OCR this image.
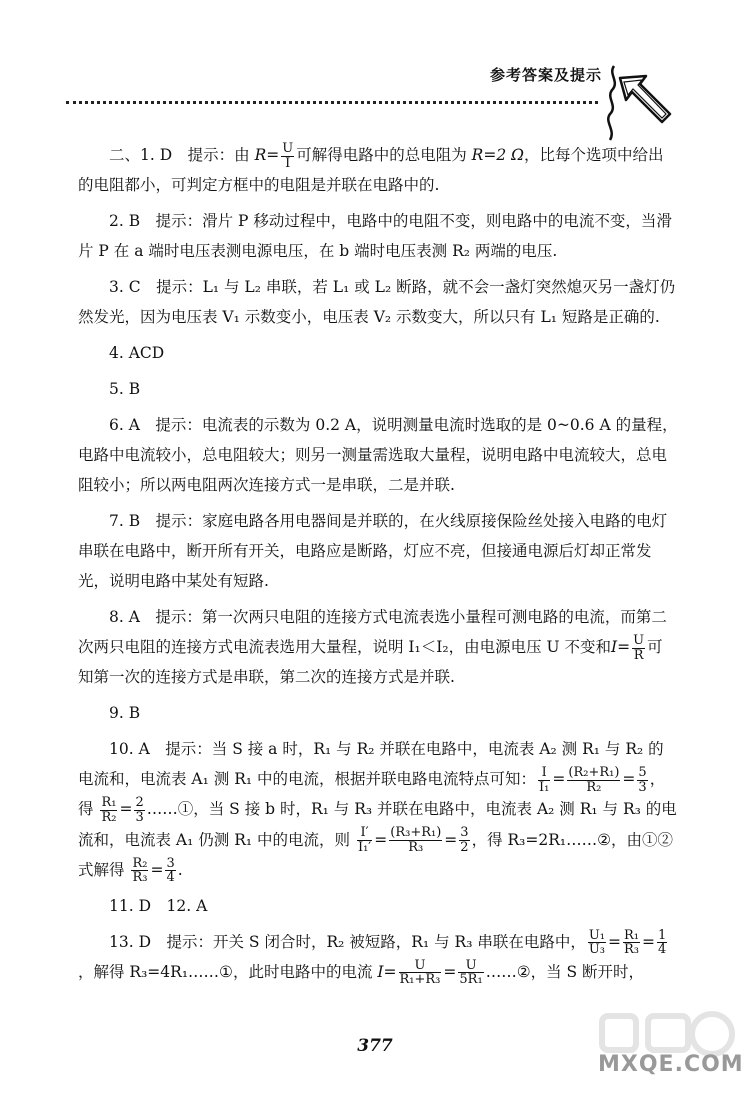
参考答案及提示

二、1. D　提示：由 $R= \frac{U}{I}$ 可解得电路中的总电阻为 R=2 Ω，比每个选项中给出的电阻都小，可判定方框中的电阻是并联在电路中的.

2. B　提示：滑片 P 移动过程中，电路中的电阻不变，则电路中的电流不变，当滑片 P 在 a 端时电压表测电源电压，在 b 端时电压表测 R₂ 两端的电压.

3. C　提示：L₁ 与 L₂ 串联，若 L₁ 或 L₂ 断路，就不会一盏灯突然熄灭另一盏灯仍然发光，因为电压表 V₁ 示数变小，电压表 V₂ 示数变大，所以只有 L₁ 短路是正确的.

4. ACD

5. B

6. A　提示：电流表的示数为 0.2 A，说明测量电流时选取的是 0~0.6 A 的量程，电路中电流较小，总电阻较大；则另一测量需选取大量程，说明电路中电流较大，总电阻较小；所以两电阻两次连接方式一是串联，二是并联.

7. B　提示：家庭电路各用电器间是并联的，在火线原接保险丝处接入电路的电灯串联在电路中，断开所有开关，电路应是断路，灯应不亮，但接通电源后灯却正常发光，说明电路中某处有短路.

8. A　提示：第一次两只电阻的连接方式电流表选小量程可测电路的电流，而第二次两只电阻的连接方式电流表选用大量程，说明 I₁＜I₂，由电源电压 U 不变和$I= \frac{U}{R}$ 可知第一次的连接方式是串联，第二次的连接方式是并联.

9. B

10. A　提示：当 S 接 a 时，R₁ 与 R₂ 并联在电路中，电流表 A₂ 测 R₁ 与 R₂ 的电流和，电流表 A₁ 测 R₁ 中的电流，根据并联电路电流特点可知： $\frac{I}{\text{I₁}} = \frac{\text{(R₂+R₁)}}{\text{R₂}} = \frac{5}{3}$ ，得 $\frac{\text{R₁}}{\text{R₂}} = \frac{2}{3}$ ……①，当 S 接 b 时，R₁ 与 R₃ 并联在电路中，电流表 A₂ 测 R₁ 与 R₃ 的电流和，电流表 A₁ 仍测 R₁ 中的电流，则 $\frac{I'}{\text{I₁′}} = \frac{\text{(R₃+R₁)}}{\text{R₃}} = \frac{3}{2}$ ，得 R₃=2R₁……②，由①②式解得 $\frac{\text{R₂}}{\text{R₃}} = \frac{3}{4}$ .

11. D　12. A

13. D　提示：开关 S 闭合时，R₂ 被短路，R₁ 与 R₃ 串联在电路中， $\frac{\text{U₁}}{\text{U₃}} = \frac{\text{R₁}}{\text{R₃}} = \frac{1}{4}$
，解得 R₃=4R₁……①，此时电路中的电流 $I= \frac{U}{\text{R₁+R₃}} = \frac{U}{\text{5R₁}}$ ……②，当 S 断开时，

377
MXQE.COM
